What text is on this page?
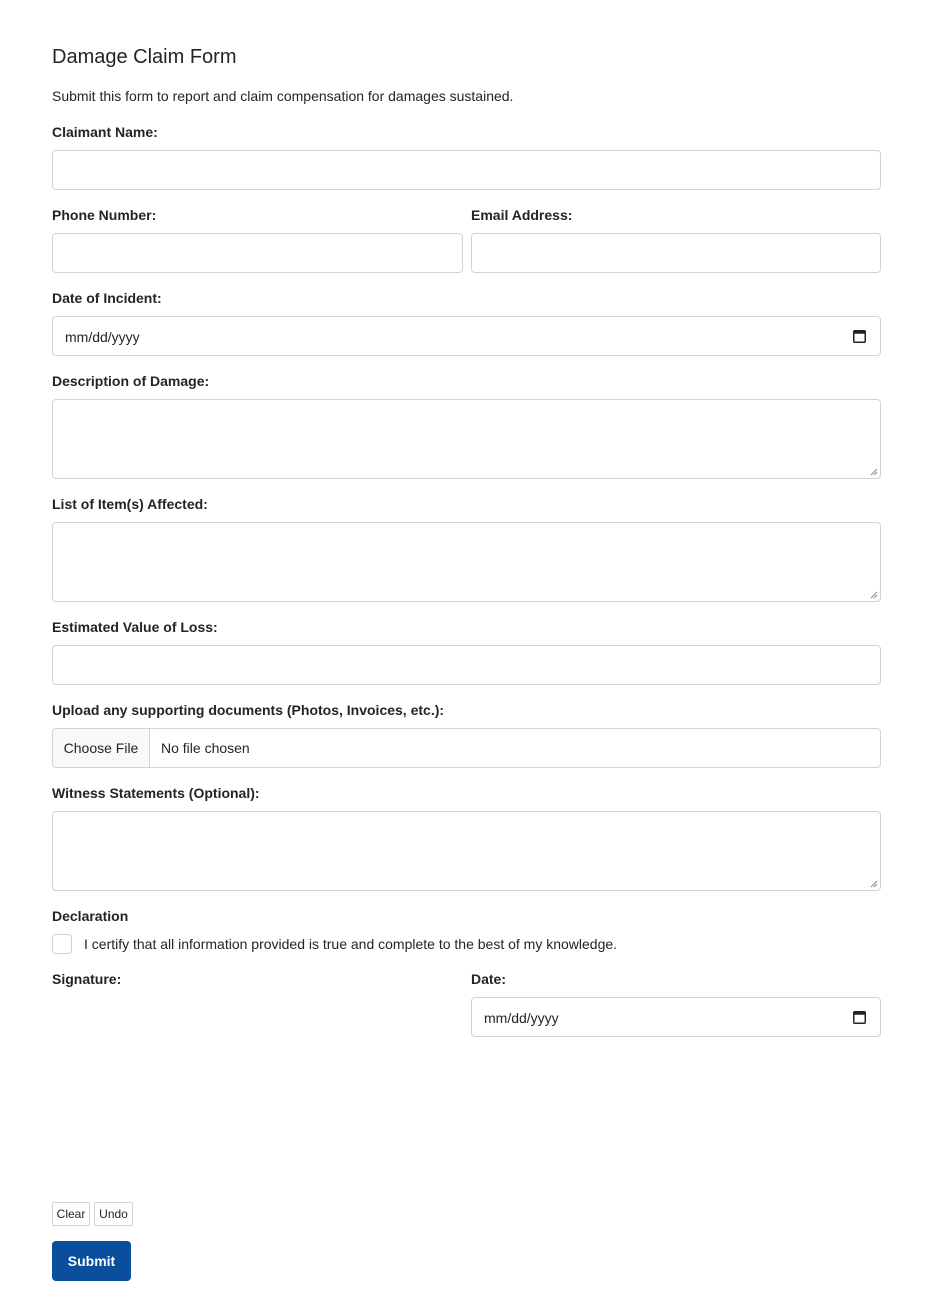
Damage Claim Form

Submit this form to report and claim compensation for damages sustained.

Claimant Name:
Phone Number:	Email Address:
Date of Incident:
mm/dd/yyyy
Description of Damage:
List of Item(s) Affected:
Estimated Value of Loss:
Upload any supporting documents (Photos, Invoices, etc.):
Choose File	No file chosen
Witness Statements (Optional):
Declaration
I certify that all information provided is true and complete to the best of my knowledge.
Signature:	Date:
mm/dd/yyyy
Clear	Undo
Submit
